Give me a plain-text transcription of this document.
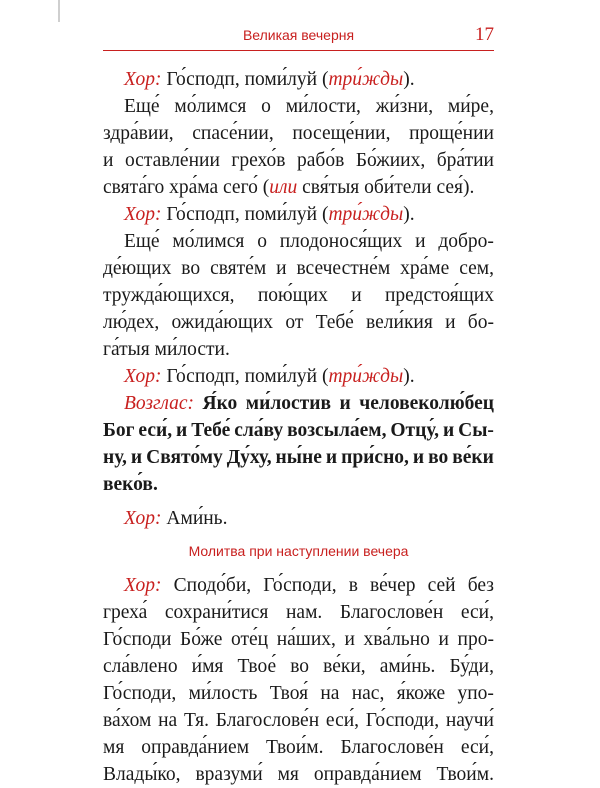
Великая вечерня	17
Хор:
Го́сподп, поми́луй ( три́жды ).
Еще́ мо́лимся о ми́лости, жи́зни, ми́ре,
здра́вии, спасе́нии, посеще́нии, проще́нии
и оставле́нии грехо́в рабо́в Бо́жиих, бра́тии
свята́го хра́ма сего́ ( или свя́тыя оби́тели сея́).
Хор:
Го́сподп, поми́луй ( три́жды ).
Еще́ мо́лимся о плодонося́щих и добро-
де́ющих во святе́м и всечестне́м хра́ме сем,
тружда́ющихся, пою́щих и предстоя́щих
лю́дех, ожида́ющих от Тебе́ вели́кия и бо-
га́тыя ми́лости.
Хор:
Го́сподп, поми́луй ( три́жды ).
Возглас: Я́ко ми́лостив и человеколю́бец
Бог еси́, и Тебе́ сла́ву возсыла́ем, Отцу́, и Сы-
ну, и Свято́му Ду́ху, ны́не и при́сно, и во ве́ки
веко́в.
Хор:
Ами́нь.
Молитва при наступлении вечера
Хор: Сподо́би, Го́споди, в ве́чер сей без
греха́ сохрани́тися нам. Благослове́н еси́,
Го́споди Бо́же оте́ц на́ших, и хва́льно и про-
сла́влено и́мя Твое́ во ве́ки, ами́нь. Бу́ди,
Го́споди, ми́лость Твоя́ на нас, я́коже упо-
ва́хом на Тя. Благослове́н еси́, Го́споди, научи́
мя оправда́нием Твои́м. Благослове́н еси́,
Влады́ко, вразуми́ мя оправда́нием Твои́м.
